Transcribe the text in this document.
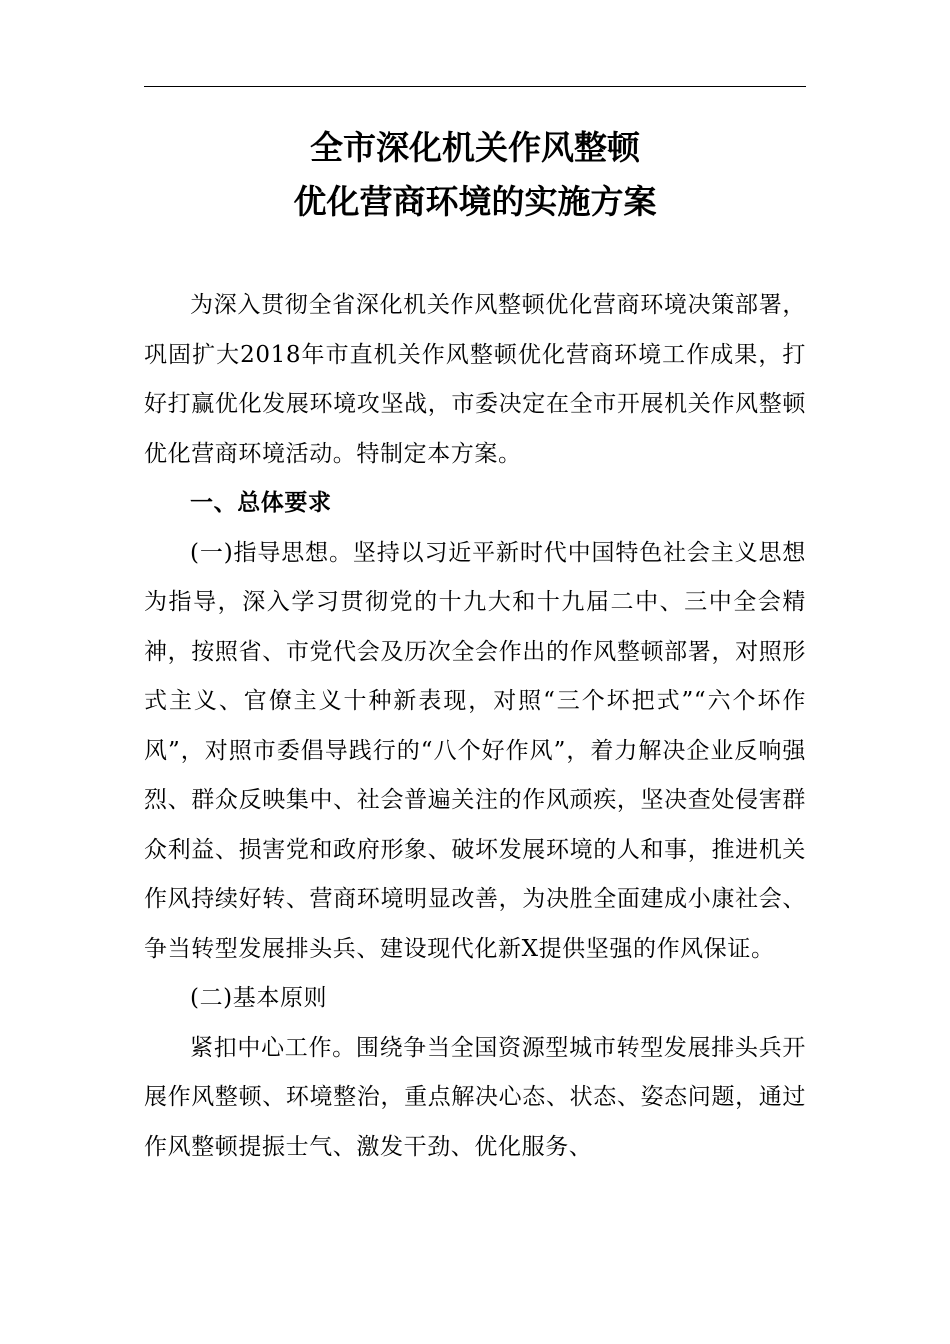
全市深化机关作风整顿
优化营商环境的实施方案

为深入贯彻全省深化机关作风整顿优化营商环境决策部署，巩固扩大2018年市直机关作风整顿优化营商环境工作成果，打好打赢优化发展环境攻坚战，市委决定在全市开展机关作风整顿优化营商环境活动。特制定本方案。

一、总体要求

(一)指导思想。坚持以习近平新时代中国特色社会主义思想为指导，深入学习贯彻党的十九大和十九届二中、三中全会精神，按照省、市党代会及历次全会作出的作风整顿部署，对照形式主义、官僚主义十种新表现，对照“三个坏把式”“六个坏作风”，对照市委倡导践行的“八个好作风”，着力解决企业反响强烈、群众反映集中、社会普遍关注的作风顽疾，坚决查处侵害群众利益、损害党和政府形象、破坏发展环境的人和事，推进机关作风持续好转、营商环境明显改善，为决胜全面建成小康社会、争当转型发展排头兵、建设现代化新X提供坚强的作风保证。

(二)基本原则

紧扣中心工作。围绕争当全国资源型城市转型发展排头兵开展作风整顿、环境整治，重点解决心态、状态、姿态问题，通过作风整顿提振士气、激发干劲、优化服务、
